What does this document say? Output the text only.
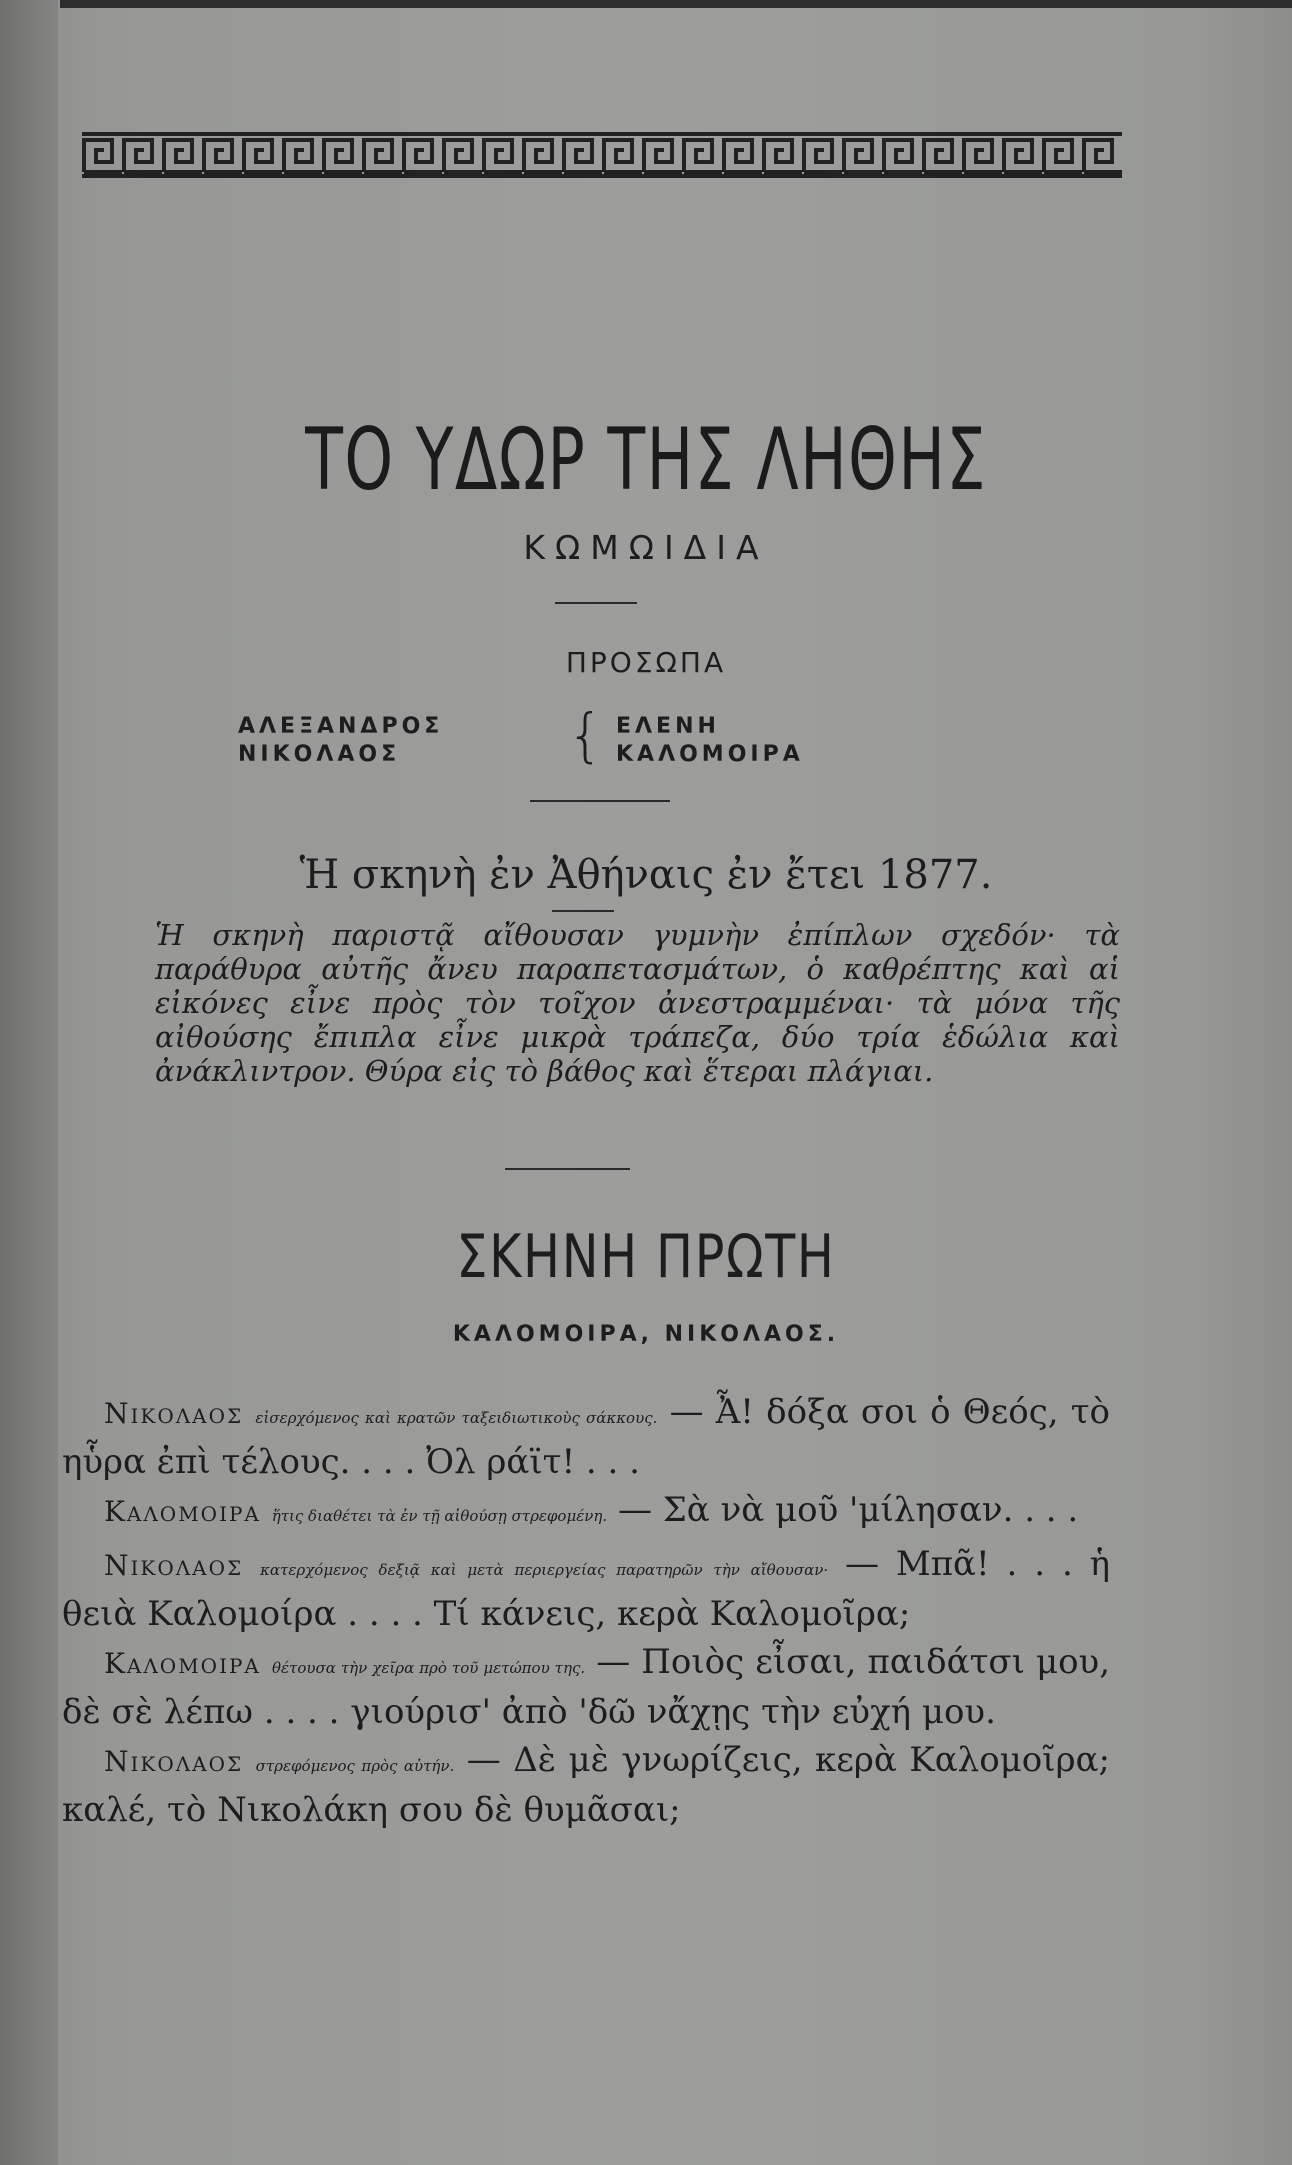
ΤΟ ΥΔΩΡ ΤΗΣ ΛΗΘΗΣ
ΚΩΜΩΙΔΙΑ
ΠΡΟΣΩΠΑ
ΑΛΕΞΑΝΔΡΟΣ
ΝΙΚΟΛΑΟΣ	{ ΕΛΕΝΗ
ΚΑΛΟΜΟΙΡΑ
Ἡ σκηνὴ ἐν Ἀθήναις ἐν ἔτει 1877.

Ἡ σκηνὴ παριστᾷ αἴθουσαν γυμνὴν ἐπίπλων σχεδόν· τὰ παράθυρα αὐτῆς ἄνευ παραπετασμάτων, ὁ καθρέπτης καὶ αἱ εἰκόνες εἶνε πρὸς τὸν τοῖχον ἀνεστραμμέναι· τὰ μόνα τῆς αἰθούσης ἔπιπλα εἶνε μικρὰ τράπεζα, δύο τρία ἑδώλια καὶ ἀνάκλιντρον. Θύρα εἰς τὸ βάθος καὶ ἕτεραι πλάγιαι.

ΣΚΗΝΗ ΠΡΩΤΗ
ΚΑΛΟΜΟΙΡΑ, ΝΙΚΟΛΑΟΣ.

Νικολαος εἰσερχόμενος καὶ κρατῶν ταξειδιωτικοὺς σάκκους. — Ἆ! δόξα σοι ὁ Θεός, τὸ ηὗρα ἐπὶ τέλους. . . . Ὀλ ράϊτ! . . .

Καλομοιρα ἥτις διαθέτει τὰ ἐν τῇ αἰθούσῃ στρεφομένη. — Σὰ νὰ μοῦ 'μίλησαν. . . .

Νικολαος κατερχόμενος δεξιᾷ καὶ μετὰ περιεργείας παρατηρῶν τὴν αἴθουσαν· — Μπᾶ! . . . ἡ θειὰ Καλομοίρα . . . . Τί κάνεις, κερὰ Καλομοῖρα;

Καλομοιρα θέτουσα τὴν χεῖρα πρὸ τοῦ μετώπου της. — Ποιὸς εἶσαι, παιδάτσι μου, δὲ σὲ λέπω . . . . γιούρισ' ἀπὸ 'δῶ νἄχῃς τὴν εὐχή μου.

Νικολαος στρεφόμενος πρὸς αὐτήν. — Δὲ μὲ γνωρίζεις, κερὰ Καλομοῖρα; καλέ, τὸ Νικολάκη σου δὲ θυμᾶσαι;
